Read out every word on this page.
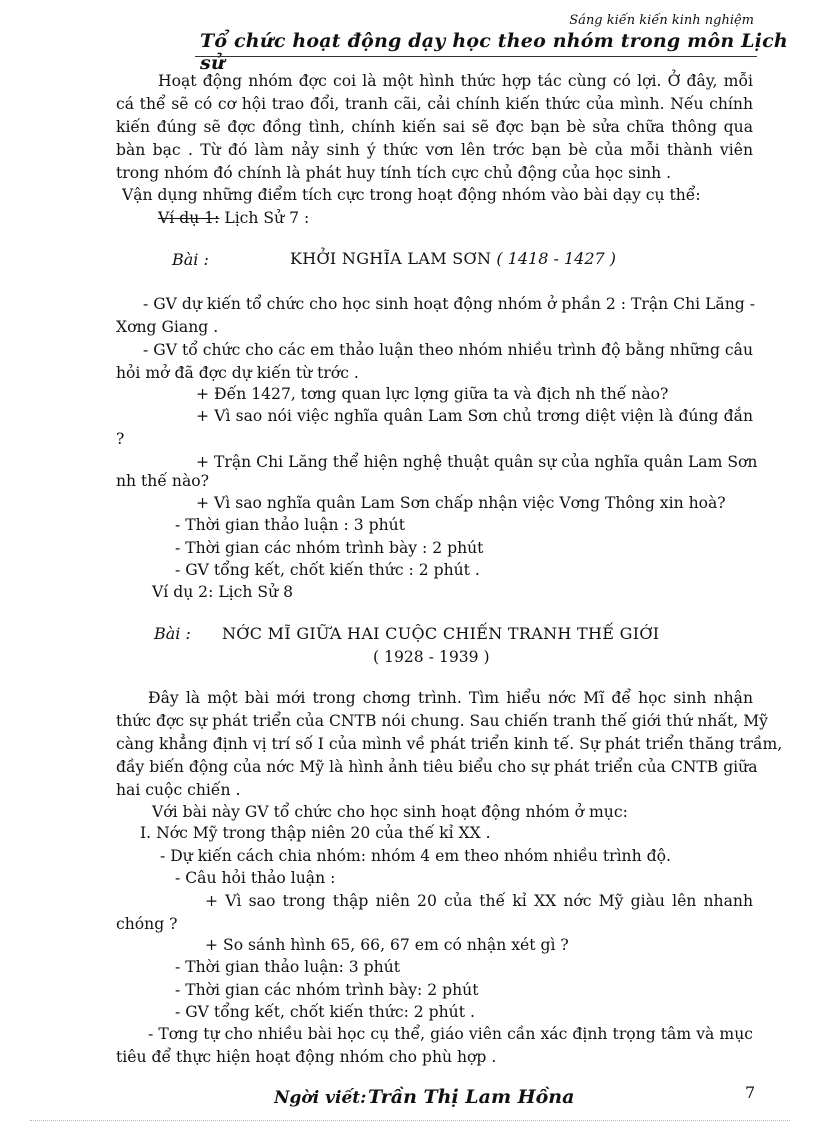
Sáng kiến kiến kinh nghiệm
Tổ chức hoạt động dạy học theo nhóm trong môn Lịch sử
Hoạt động nhóm đợc coi là một hình thức hợp tác cùng có lợi. Ở đây, mỗi
cá thể sẽ có cơ hội trao đổi, tranh cãi, cải chính kiến thức của mình. Nếu chính
kiến đúng sẽ đợc đồng tình, chính kiến sai sẽ đợc bạn bè sửa chữa thông qua
bàn bạc . Từ đó làm nảy sinh ý thức vơn lên trớc bạn bè của mỗi thành viên
trong nhóm đó chính là phát huy tính tích cực chủ động của học sinh .
Vận dụng những điểm tích cực trong hoạt động nhóm vào bài dạy cụ thể:
Ví dụ 1: Lịch Sử 7 :
Bài :	KHỞI NGHĨA LAM SƠN ( 1418 - 1427 )
- GV dự kiến tổ chức cho học sinh hoạt động nhóm ở phần 2 : Trận Chi Lăng -
Xơng Giang .
- GV tổ chức cho các em thảo luận theo nhóm nhiều trình độ bằng những câu
hỏi mở đã đợc dự kiến từ trớc .
+ Đến 1427, tơng quan lực lợng giữa ta và địch nh thế nào?
+ Vì sao nói việc nghĩa quân Lam Sơn chủ trơng diệt viện là đúng đắn
?
+ Trận Chi Lăng thể hiện nghệ thuật quân sự của nghĩa quân Lam Sơn
nh thế nào?
+ Vì sao nghĩa quân Lam Sơn chấp nhận việc Vơng Thông xin hoà?
- Thời gian thảo luận : 3 phút
- Thời gian các nhóm trình bày : 2 phút
- GV tổng kết, chốt kiến thức : 2 phút .
Ví dụ 2: Lịch Sử 8
Bài : NỚC MĨ GIỮA HAI CUỘC CHIẾN TRANH THẾ GIỚI
( 1928 - 1939 )
Đây là một bài mới trong chơng trình. Tìm hiểu nớc Mĩ để học sinh nhận
thức đợc sự phát triển của CNTB nói chung. Sau chiến tranh thế giới thứ nhất, Mỹ
càng khẳng định vị trí số I của mình về phát triển kinh tế. Sự phát triển thăng trầm,
đầy biến động của nớc Mỹ là hình ảnh tiêu biểu cho sự phát triển của CNTB giữa
hai cuộc chiến .
Với bài này GV tổ chức cho học sinh hoạt động nhóm ở mục:
I. Nớc Mỹ trong thập niên 20 của thế kỉ XX .
- Dự kiến cách chia nhóm: nhóm 4 em theo nhóm nhiều trình độ.
- Câu hỏi thảo luận :
+ Vì sao trong thập niên 20 của thế kỉ XX nớc Mỹ giàu lên nhanh
chóng ?
+ So sánh hình 65, 66, 67 em có nhận xét gì ?
- Thời gian thảo luận: 3 phút
- Thời gian các nhóm trình bày: 2 phút
- GV tổng kết, chốt kiến thức: 2 phút .
- Tơng tự cho nhiều bài học cụ thể, giáo viên cần xác định trọng tâm và mục
tiêu để thực hiện hoạt động nhóm cho phù hợp .
Ngời viết: Trần Thị Lam Hồna	7
